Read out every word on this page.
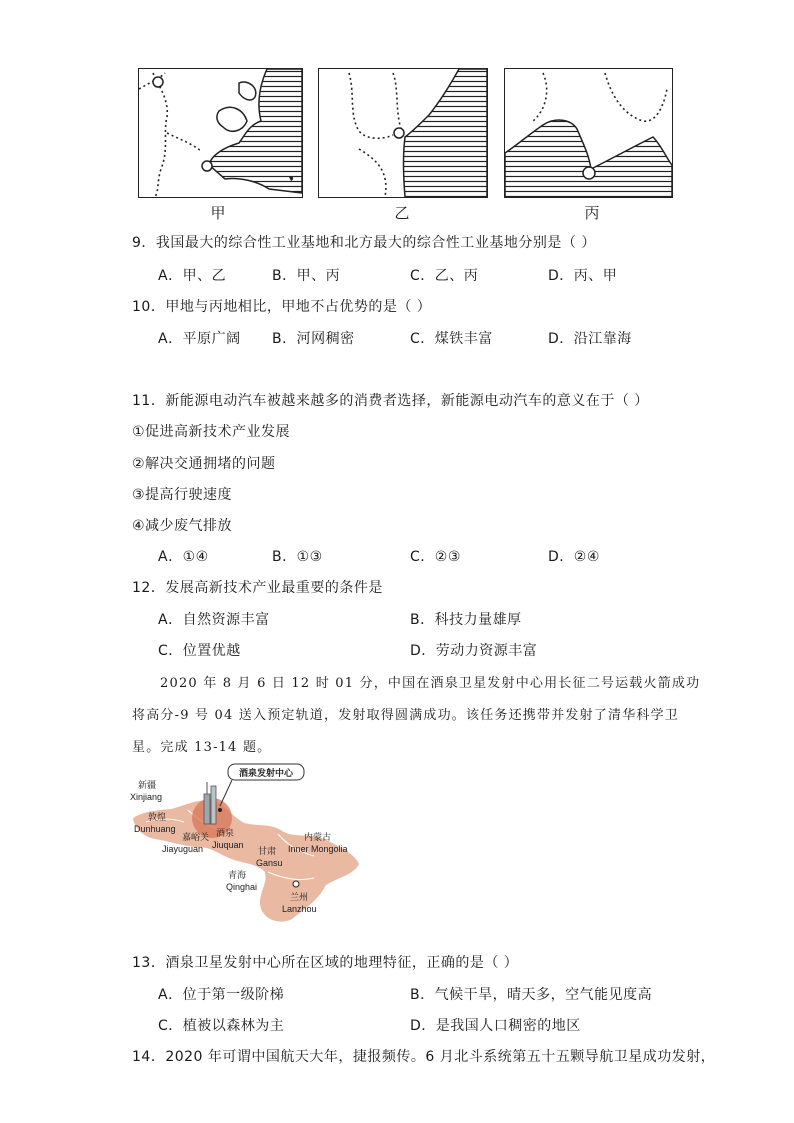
甲	乙	丙
9．我国最大的综合性工业基地和北方最大的综合性工业基地分别是（ ）
A．甲、乙	B．甲、丙	C．乙、丙	D．丙、甲
10．甲地与丙地相比，甲地不占优势的是（ ）
A．平原广阔 B．河网稠密	C．煤铁丰富	D．沿江靠海
11．新能源电动汽车被越来越多的消费者选择，新能源电动汽车的意义在于（ ）
①促进高新技术产业发展
②解决交通拥堵的问题
③提高行驶速度
④减少废气排放
A．①④	B．①③	C．②③	D．②④
12．发展高新技术产业最重要的条件是
A．自然资源丰富	B．科技力量雄厚
C．位置优越	D．劳动力资源丰富
2020 年 8 月 6 日 12 时 01 分，中国在酒泉卫星发射中心用长征二号运载火箭成功
将高分-9 号 04 送入预定轨道，发射取得圆满成功。该任务还携带并发射了清华科学卫
星。完成 13-14 题。
酒泉发射中心
新疆
Xinjiang
敦煌
Dunhuang
嘉峪关
Jiayuguan
酒泉
Jiuquan
甘肃
Gansu
内蒙古
Inner Mongolia
青海
Qinghai
兰州
Lanzhou
13．酒泉卫星发射中心所在区域的地理特征，正确的是（ ）
A．位于第一级阶梯	B．气候干旱，晴天多，空气能见度高
C．植被以森林为主	D．是我国人口稠密的地区
14．2020 年可谓中国航天大年，捷报频传。6 月北斗系统第五十五颗导航卫星成功发射，
